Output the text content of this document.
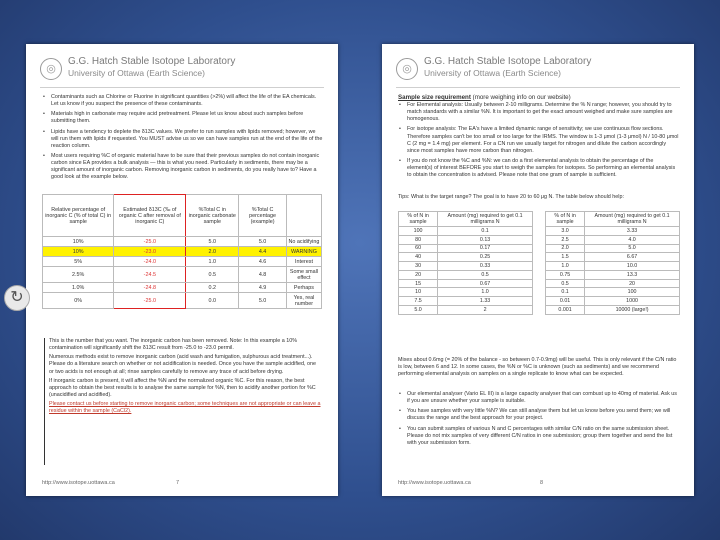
◎
G.G. Hatch Stable Isotope Laboratory
University of Ottawa (Earth Science)
• Contaminants such as Chlorine or Fluorine in significant quantities (>2%) will affect the life of the EA chemicals. Let us know if you suspect the presence of these contaminants.
• Materials high in carbonate may require acid pretreatment. Please let us know about such samples before submitting them.
• Lipids have a tendency to deplete the δ13C values. We prefer to run samples with lipids removed; however, we will run them with lipids if requested. You MUST advise us so we can have samples run at the end of the life of the reaction column.
• Most users requiring %C of organic material have to be sure that their previous samples do not contain inorganic carbon since EA provides a bulk analysis — this is what you need. Particularly in sediments, there may be a significant amount of inorganic carbon. Removing inorganic carbon in sediments, do you really have to? Have a good look at the example below.
Relative percentage of inorganic C (% of total C) in sample	Estimated δ13C (‰ of organic C after removal of inorganic C)	%Total C in inorganic carbonate sample	%Total C percentage (example)	
10%	-25.0	5.0	5.0	No acidifying
10%	-23.0	2.0	4.4	WARNING
5%	-24.0	1.0	4.6	Interest
2.5%	-24.5	0.5	4.8	Some small effect
1.0%	-24.8	0.2	4.9	Perhaps
0%	-25.0	0.0	5.0	Yes, real number

This is the number that you want. The inorganic carbon has been removed. Note: In this example a 10% contamination will significantly shift the δ13C result from -25.0 to -23.0 permil.

Numerous methods exist to remove inorganic carbon (acid wash and fumigation, sulphurous acid treatment...). Please do a literature search on whether or not acidification is needed. Once you have the sample acidified, one or two acids is not enough at all; rinse samples carefully to remove any trace of acid before drying.

If inorganic carbon is present, it will affect the %N and the normalized organic %C. For this reason, the best approach to obtain the best results is to analyse the same sample for %N, then to acidify another portion for %C (unacidified and acidified).

Please contact us before starting to remove inorganic carbon; some techniques are not appropriate or can leave a residue within the sample (CaCl2).

http://www.isotope.uottawa.ca	7
◎
G.G. Hatch Stable Isotope Laboratory
University of Ottawa (Earth Science)
Sample size requirement (more weighing info on our website)
• For Elemental analysis: Usually between 2-10 milligrams. Determine the % N range; however, you should try to match standards with a similar %N. It is important to get the exact amount weighed and make sure samples are homogenous.
• For isotope analysis: The EA's have a limited dynamic range of sensitivity; we use continuous flow sections. Therefore samples can't be too small or too large for the IRMS. The window is 1-3 μmol (1-3 μmol) N / 10-80 μmol C (2 mg = 1.4 mg) per element. For a CN run we usually target for nitrogen and dilute the carbon accordingly since most samples have more carbon than nitrogen.
• If you do not know the %C and %N: we can do a first elemental analysis to obtain the percentage of the element(s) of interest BEFORE you start to weigh the samples for isotopes. So performing an elemental analysis to obtain the concentration is advised. Please note that one gram of sample is sufficient.
Tips: What is the target range? The goal is to have 20 to 60 μg N. The table below should help:
% of N in sample	Amount (mg) required to get 0.1 milligrams N		% of N in sample	Amount (mg) required to get 0.1 milligrams N
100	0.1		3.0	3.33
80	0.13		2.5	4.0
60	0.17		2.0	5.0
40	0.25		1.5	6.67
30	0.33		1.0	10.0
20	0.5		0.75	13.3
15	0.67		0.5	20
10	1.0		0.1	100
7.5	1.33		0.01	1000
5.0	2		0.001	10000 (large!)
Mixes about 0.6mg (= 20% of the balance - so between 0.7-0.9mg) will be useful. This is only relevant if the C/N ratio is low, between 6 and 12. In some cases, the %N or %C is unknown (such as sediments) and we recommend performing elemental analysis on samples on a single replicate to know what can be expected.
• Our elemental analyser (Vario EL III) is a large capacity analyser that can combust up to 40mg of material. Ask us if you are unsure whether your sample is suitable.
• You have samples with very little %N? We can still analyse them but let us know before you send them; we will discuss the range and the best approach for your project.
• You can submit samples of various N and C percentages with similar C/N ratio on the same submission sheet. Please do not mix samples of very different C/N ratios in one submission; group them together and send the list with your submission form.
http://www.isotope.uottawa.ca	8
↻
